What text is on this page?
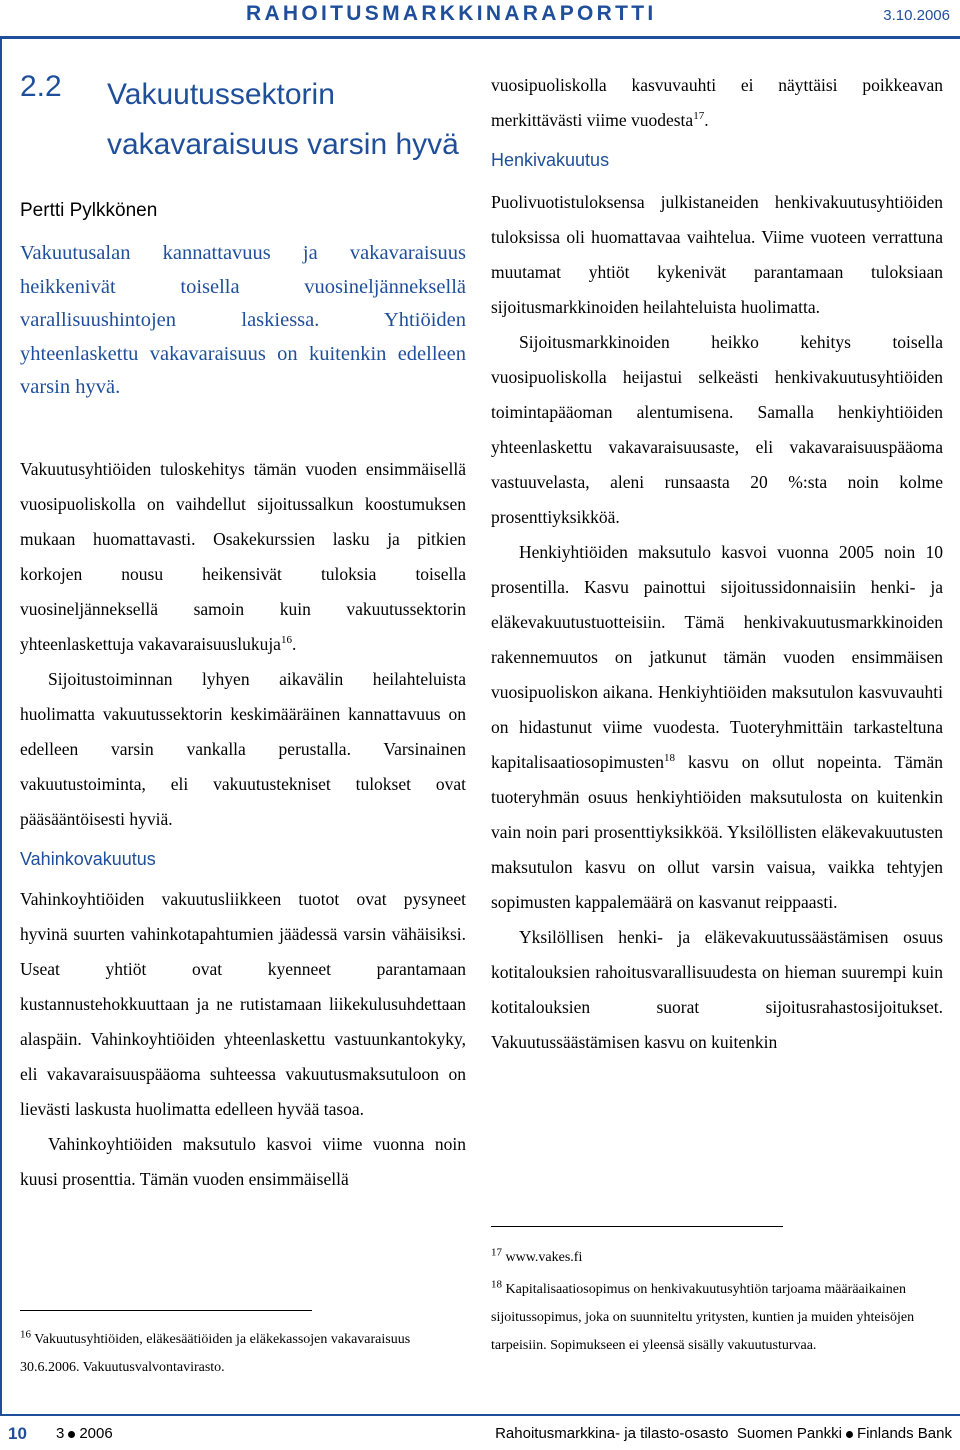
RAHOITUSMARKKINARAPORTTI	3.10.2006
2.2 Vakuutussektorin vakavaraisuus varsin hyvä
Pertti Pylkkönen
Vakuutusalan kannattavuus ja vakavaraisuus heikkenivät toisella vuosineljänneksellä varallisuushintojen laskiessa. Yhtiöiden yhteenlaskettu vakavaraisuus on kuitenkin edelleen varsin hyvä.

Vakuutusyhtiöiden tuloskehitys tämän vuoden ensimmäisellä vuosipuoliskolla on vaihdellut sijoitussalkun koostumuksen mukaan huomattavasti. Osakekurssien lasku ja pitkien korkojen nousu heikensivät tuloksia toisella vuosineljänneksellä samoin kuin vakuutussektorin yhteenlaskettuja vakavaraisuuslukuja$^{16}$.

Sijoitustoiminnan lyhyen aikavälin heilahteluista huolimatta vakuutussektorin keskimääräinen kannattavuus on edelleen varsin vankalla perustalla. Varsinainen vakuutustoiminta, eli vakuutustekniset tulokset ovat pääsääntöisesti hyviä.

Vahinkovakuutus

Vahinkoyhtiöiden vakuutusliikkeen tuotot ovat pysyneet hyvinä suurten vahinkotapahtumien jäädessä varsin vähäisiksi. Useat yhtiöt ovat kyenneet parantamaan kustannustehokkuuttaan ja ne rutistamaan liikekulusuhdettaan alaspäin. Vahinkoyhtiöiden yhteenlaskettu vastuunkantokyky, eli vakavaraisuuspääoma suhteessa vakuutusmaksutuloon on lievästi laskusta huolimatta edelleen hyvää tasoa.

Vahinkoyhtiöiden maksutulo kasvoi viime vuonna noin kuusi prosenttia. Tämän vuoden ensimmäisellä

$^{16}$ Vakuutusyhtiöiden, eläkesäätiöiden ja eläkekassojen vakavaraisuus 30.6.2006. Vakuutusvalvontavirasto.

vuosipuoliskolla kasvuvauhti ei näyttäisi poikkeavan merkittävästi viime vuodesta$^{17}$.

Henkivakuutus

Puolivuotistuloksensa julkistaneiden henkivakuutusyhtiöiden tuloksissa oli huomattavaa vaihtelua. Viime vuoteen verrattuna muutamat yhtiöt kykenivät parantamaan tuloksiaan sijoitusmarkkinoiden heilahteluista huolimatta.

Sijoitusmarkkinoiden heikko kehitys toisella vuosipuoliskolla heijastui selkeästi henkivakuutusyhtiöiden toimintapääoman alentumisena. Samalla henkiyhtiöiden yhteenlaskettu vakavaraisuusaste, eli vakavaraisuuspääoma vastuuvelasta, aleni runsaasta 20 %:sta noin kolme prosenttiyksikköä.

Henkiyhtiöiden maksutulo kasvoi vuonna 2005 noin 10 prosentilla. Kasvu painottui sijoitussidonnaisiin henki- ja eläkevakuutustuotteisiin. Tämä henkivakuutusmarkkinoiden rakennemuutos on jatkunut tämän vuoden ensimmäisen vuosipuoliskon aikana. Henkiyhtiöiden maksutulon kasvuvauhti on hidastunut viime vuodesta. Tuoteryhmittäin tarkasteltuna kapitalisaatiosopimusten$^{18}$ kasvu on ollut nopeinta. Tämän tuoteryhmän osuus henkiyhtiöiden maksutulosta on kuitenkin vain noin pari prosenttiyksikköä. Yksilöllisten eläkevakuutusten maksutulon kasvu on ollut varsin vaisua, vaikka tehtyjen sopimusten kappalemäärä on kasvanut reippaasti.

Yksilöllisen henki- ja eläkevakuutussäästämisen osuus kotitalouksien rahoitusvarallisuudesta on hieman suurempi kuin kotitalouksien suorat sijoitusrahastosijoitukset. Vakuutussäästämisen kasvu on kuitenkin

$^{17}$ www.vakes.fi
$^{18}$ Kapitalisaatiosopimus on henkivakuutusyhtiön tarjoama määräaikainen sijoitussopimus, joka on suunniteltu yritysten, kuntien ja muiden yhteisöjen tarpeisiin. Sopimukseen ei yleensä sisälly vakuutusturvaa.
10 3 2006	Rahoitusmarkkina- ja tilasto-osasto Suomen Pankki Finlands Bank
